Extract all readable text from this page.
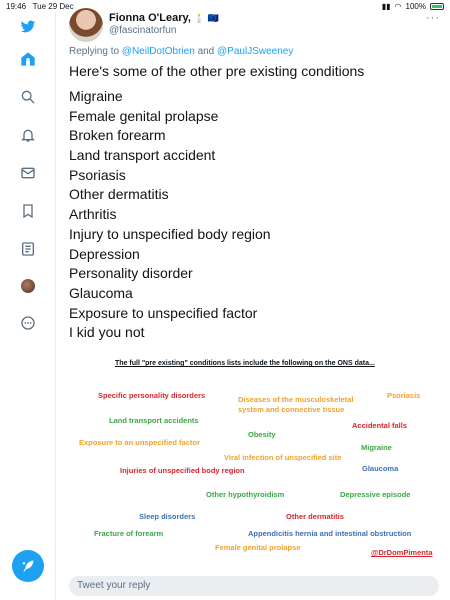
19:46 Tue 29 Dec	▮▮ ◠ 100%
Fionna O'Leary, 🕯️ 🇪🇺
@fascinatorfun
···
Replying to @NeilDotObrien and @PaulJSweeney
Here's some of the other pre existing conditions
Migraine
Female genital prolapse
Broken forearm
Land transport accident
Psoriasis
Other dermatitis
Arthritis
Injury to unspecified body region
Depression
Personality disorder
Glaucoma
Exposure to unspecified factor
I kid you not
The full "pre existing" conditions lists include the following on the ONS data...
Specific personality disorders	Diseases of the musculoskeletal
system and connective tissue
Psoriasis
Land transport accidents
Accidental falls
Obesity
Exposure to an unspecified factor
Migraine
Viral infection of unspecified site
Glaucoma
Injuries of unspecified body region
Other hypothyroidism	Depressive episode
Sleep disorders	Other dermatitis
Fracture of forearm	Appendicitis hernia and intestinal obstruction
Female genital prolapse
@DrDomPimenta
Tweet your reply
